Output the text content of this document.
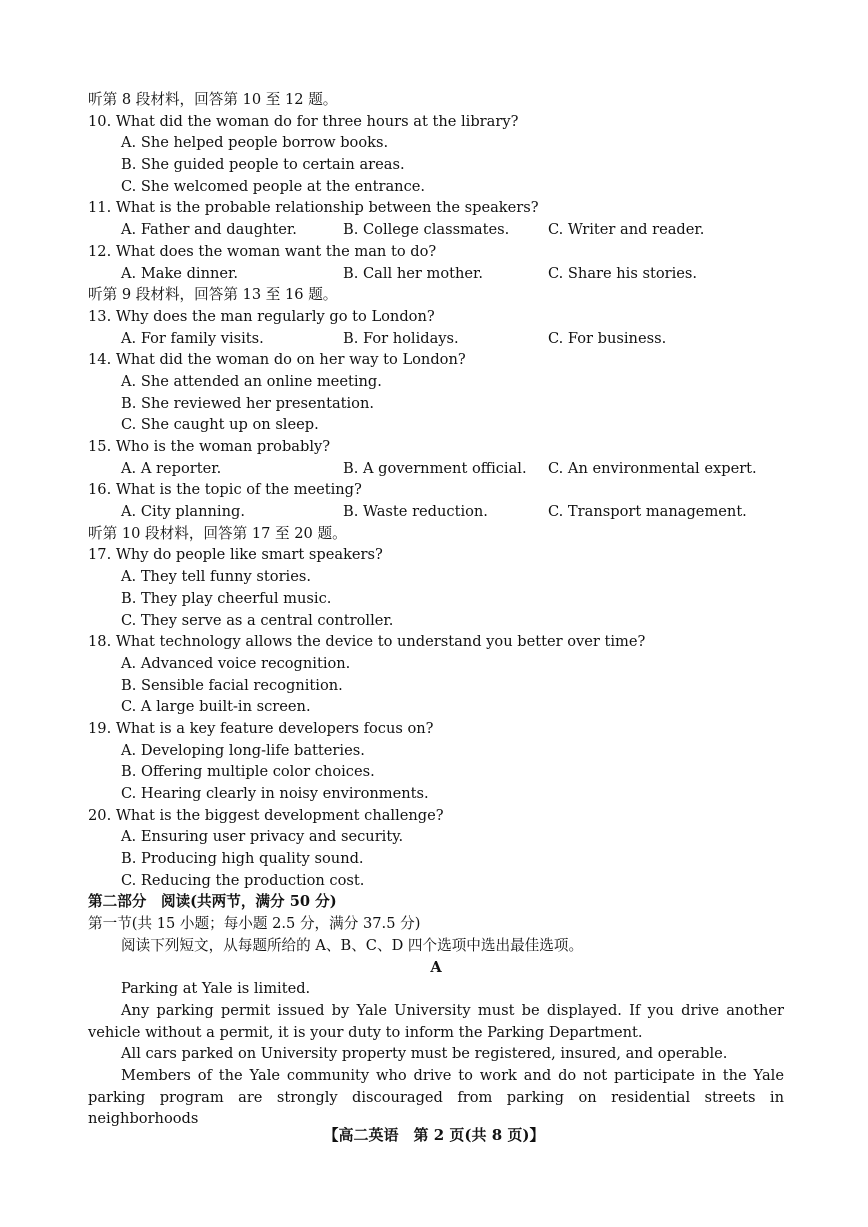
听第 8 段材料，回答第 10 至 12 题。
10. What did the woman do for three hours at the library?
A. She helped people borrow books.
B. She guided people to certain areas.
C. She welcomed people at the entrance.
11. What is the probable relationship between the speakers?
A. Father and daughter.	B. College classmates.	C. Writer and reader.
12. What does the woman want the man to do?
A. Make dinner.	B. Call her mother.	C. Share his stories.
听第 9 段材料，回答第 13 至 16 题。
13. Why does the man regularly go to London?
A. For family visits.	B. For holidays.	C. For business.
14. What did the woman do on her way to London?
A. She attended an online meeting.
B. She reviewed her presentation.
C. She caught up on sleep.
15. Who is the woman probably?
A. A reporter.	B. A government official.	C. An environmental expert.
16. What is the topic of the meeting?
A. City planning.	B. Waste reduction.	C. Transport management.
听第 10 段材料，回答第 17 至 20 题。
17. Why do people like smart speakers?
A. They tell funny stories.
B. They play cheerful music.
C. They serve as a central controller.
18. What technology allows the device to understand you better over time?
A. Advanced voice recognition.
B. Sensible facial recognition.
C. A large built-in screen.
19. What is a key feature developers focus on?
A. Developing long-life batteries.
B. Offering multiple color choices.
C. Hearing clearly in noisy environments.
20. What is the biggest development challenge?
A. Ensuring user privacy and security.
B. Producing high quality sound.
C. Reducing the production cost.
第二部分　阅读(共两节，满分 50 分)
第一节(共 15 小题；每小题 2.5 分，满分 37.5 分)
阅读下列短文，从每题所给的 A、B、C、D 四个选项中选出最佳选项。
A
Parking at Yale is limited.
Any parking permit issued by Yale University must be displayed. If you drive another vehicle without a permit, it is your duty to inform the Parking Department.
All cars parked on University property must be registered, insured, and operable.
Members of the Yale community who drive to work and do not participate in the Yale parking program are strongly discouraged from parking on residential streets in neighborhoods
【高二英语　第 2 页(共 8 页)】
